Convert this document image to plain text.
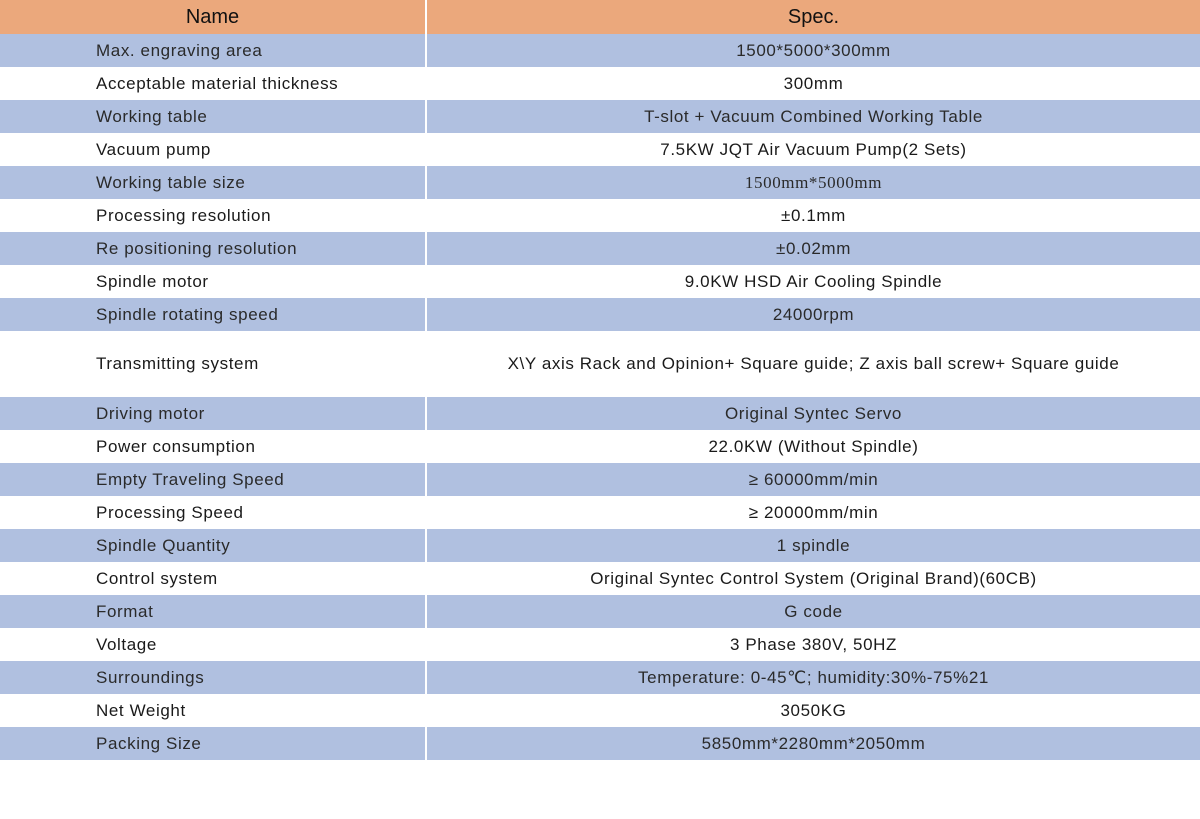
Name	Spec.
Max. engraving area	1500*5000*300mm
Acceptable material thickness	300mm
Working table	T-slot + Vacuum Combined Working Table
Vacuum pump	7.5KW JQT Air Vacuum Pump(2 Sets)
Working table size	1500mm*5000mm
Processing resolution	±0.1mm
Re positioning resolution	±0.02mm
Spindle motor	9.0KW HSD Air Cooling Spindle
Spindle rotating speed	24000rpm
Transmitting system	X\Y axis Rack and Opinion+ Square guide; Z axis ball screw+ Square guide
Driving motor	Original Syntec Servo
Power consumption	22.0KW (Without Spindle)
Empty Traveling Speed	≥ 60000mm/min
Processing Speed	≥ 20000mm/min
Spindle Quantity	1 spindle
Control system	Original Syntec Control System (Original Brand)(60CB)
Format	G code
Voltage	3 Phase 380V, 50HZ
Surroundings	Temperature: 0-45℃; humidity:30%-75%21
Net Weight	3050KG
Packing Size	5850mm*2280mm*2050mm
